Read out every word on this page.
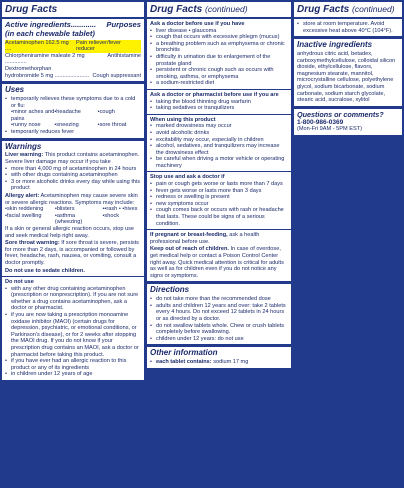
Drug Facts
Active ingredients............ Purposes
(in each chewable tablet)
Acetaminophen 162.5 mg ....
Pain reliever/fever reducer
Chlorpheniramine maleate 2 mg ..............
Antihistamine
Dextromethorphan
hydrobromide 5 mg ...................... Cough suppressant
Uses
• temporarily relieves these symptoms due to a cold or flu:
• minor aches and pains
• headache	• cough
• runny nose	• sneezing	• sore throat
• temporarily reduces fever
Warnings
Liver warning: This product contains acetaminophen. Severe liver damage may occur if you take
• more than 4,000 mg of acetaminophen in 24 hours
• with other drugs containing acetaminophen
• 3 or more alcoholic drinks every day while using this product
Allergy alert: Acetaminophen may cause severe skin or severe allergic reactions. Symptoms may include:
• skin reddening	• blisters	• • rash • • hives
• facial swelling	• asthma (wheezing)
• shock
If a skin or general allergic reaction occurs, stop use and seek medical help right away.
Sore throat warning: If sore throat is severe, persists for more than 2 days, is accompanied or followed by fever, headache, rash, nausea, or vomiting, consult a doctor promptly.
Do not use to sedate children.
Do not use
• with any other drug containing acetaminophen (prescription or nonprescription). If you are not sure whether a drug contains acetaminophen, ask a doctor or pharmacist.
• if you are now taking a prescription monoamine oxidase inhibitor (MAOI) (certain drugs for depression, psychiatric, or emotional conditions, or Parkinson's disease), or for 2 weeks after stopping the MAOI drug. If you do not know if your prescription drug contains an MAOI, ask a doctor or pharmacist before taking this product.
• if you have ever had an allergic reaction to this product or any of its ingredients
• in children under 12 years of age
Drug Facts (continued)
Ask a doctor before use if you have
• liver disease • glaucoma
• cough that occurs with excessive phlegm (mucus)
• a breathing problem such as emphysema or chronic bronchitis
• difficulty in urination due to enlargement of the prostate gland
• persistent or chronic cough such as occurs with smoking, asthma, or emphysema
• a sodium-restricted diet
Ask a doctor or pharmacist before use if you are
• taking the blood thinning drug warfarin
• taking sedatives or tranquilizers
When using this product
• marked drowsiness may occur
• avoid alcoholic drinks
• excitability may occur, especially in children
• alcohol, sedatives, and tranquilizers may increase the drowsiness effect
• be careful when driving a motor vehicle or operating machinery
Stop use and ask a doctor if
• pain or cough gets worse or lasts more than 7 days
• fever gets worse or lasts more than 3 days
• redness or swelling is present
• new symptoms occur
• cough comes back or occurs with rash or headache that lasts. These could be signs of a serious condition.
If pregnant or breast-feeding, ask a health professional before use.
Keep out of reach of children. In case of overdose, get medical help or contact a Poison Control Center right away. Quick medical attention is critical for adults as well as for children even if you do not notice any signs or symptoms.
Directions
• do not take more than the recommended dose
• adults and children 12 years and over: take 2 tablets every 4 hours. Do not exceed 12 tablets in 24 hours or as directed by a doctor.
• do not swallow tablets whole. Chew or crush tablets completely before swallowing.
• children under 12 years: do not use
Other information
• each tablet contains: sodium 17 mg
Drug Facts (continued)
• store at room temperature. Avoid excessive heat above 40°C (104°F).
Inactive ingredients
anhydrous citric acid, betadex, carboxymethylcellulose, colloidal silicon dioxide, ethylcellulose, flavors, magnesium stearate, mannitol, microcrystalline cellulose, polyethylene glycol, sodium bicarbonate, sodium carbonate, sodium starch glycolate, stearic acid, sucralose, xylitol
Questions or comments?
1-800-986-0369
(Mon-Fri 9AM - 5PM EST)
